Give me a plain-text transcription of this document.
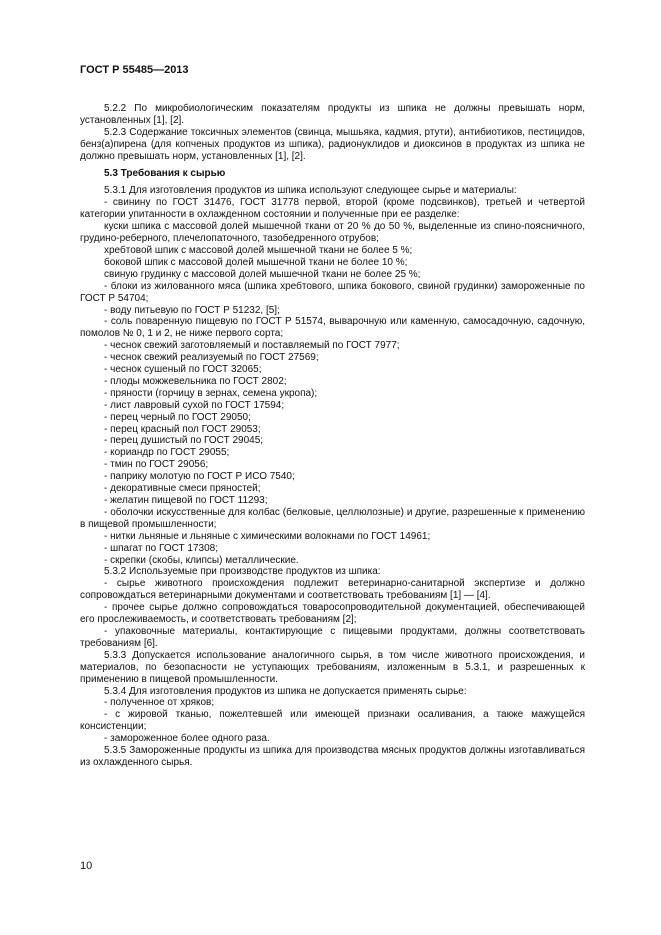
ГОСТ Р 55485—2013

5.2.2 По микробиологическим показателям продукты из шпика не должны превышать норм, установленных [1], [2].

5.2.3 Содержание токсичных элементов (свинца, мышьяка, кадмия, ртути), антибиотиков, пестицидов, бенз(а)пирена (для копченых продуктов из шпика), радионуклидов и диоксинов в продуктах из шпика не должно превышать норм, установленных [1], [2].

5.3 Требования к сырью

5.3.1 Для изготовления продуктов из шпика используют следующее сырье и материалы:

- свинину по ГОСТ 31476, ГОСТ 31778 первой, второй (кроме подсвинков), третьей и четвертой категории упитанности в охлажденном состоянии и полученные при ее разделке:

куски шпика с массовой долей мышечной ткани от 20 % до 50 %, выделенные из спино-поясничного, грудино-реберного, плечелопаточного, тазобедренного отрубов;

хребтовой шпик с массовой долей мышечной ткани не более 5 %;

боковой шпик с массовой долей мышечной ткани не более 10 %;

свиную грудинку с массовой долей мышечной ткани не более 25 %;

- блоки из жилованного мяса (шпика хребтового, шпика бокового, свиной грудинки) замороженные по ГОСТ Р 54704;

- воду питьевую по ГОСТ Р 51232, [5];

- соль поваренную пищевую по ГОСТ Р 51574, выварочную или каменную, самосадочную, садочную, помолов № 0, 1 и 2, не ниже первого сорта;

- чеснок свежий заготовляемый и поставляемый по ГОСТ 7977;

- чеснок свежий реализуемый по ГОСТ 27569;

- чеснок сушеный по ГОСТ 32065;

- плоды можжевельника по ГОСТ 2802;

- пряности (горчицу в зернах, семена укропа);

- лист лавровый сухой по ГОСТ 17594;

- перец черный по ГОСТ 29050;

- перец красный пол ГОСТ 29053;

- перец душистый по ГОСТ 29045;

- кориандр по ГОСТ 29055;

- тмин по ГОСТ 29056;

- паприку молотую по ГОСТ Р ИСО 7540;

- декоративные смеси пряностей;

- желатин пищевой по ГОСТ 11293;

- оболочки искусственные для колбас (белковые, целлюлозные) и другие, разрешенные к применению в пищевой промышленности;

- нитки льняные и льняные с химическими волокнами по ГОСТ 14961;

- шпагат по ГОСТ 17308;

- скрепки (скобы, клипсы) металлические.

5.3.2 Используемые при производстве продуктов из шпика:

- сырье животного происхождения подлежит ветеринарно-санитарной экспертизе и должно сопровождаться ветеринарными документами и соответствовать требованиям [1] — [4].

- прочее сырье должно сопровождаться товаросопроводительной документацией, обеспечивающей его прослеживаемость, и соответствовать требованиям [2];

- упаковочные материалы, контактирующие с пищевыми продуктами, должны соответствовать требованиям [6].

5.3.3 Допускается использование аналогичного сырья, в том числе животного происхождения, и материалов, по безопасности не уступающих требованиям, изложенным в 5.3.1, и разрешенных к применению в пищевой промышленности.

5.3.4 Для изготовления продуктов из шпика не допускается применять сырье:

- полученное от хряков;

- с жировой тканью, пожелтевшей или имеющей признаки осаливания, а также мажущейся консистенции;

- замороженное более одного раза.

5.3.5 Замороженные продукты из шпика для производства мясных продуктов должны изготавливаться из охлажденного сырья.

10
